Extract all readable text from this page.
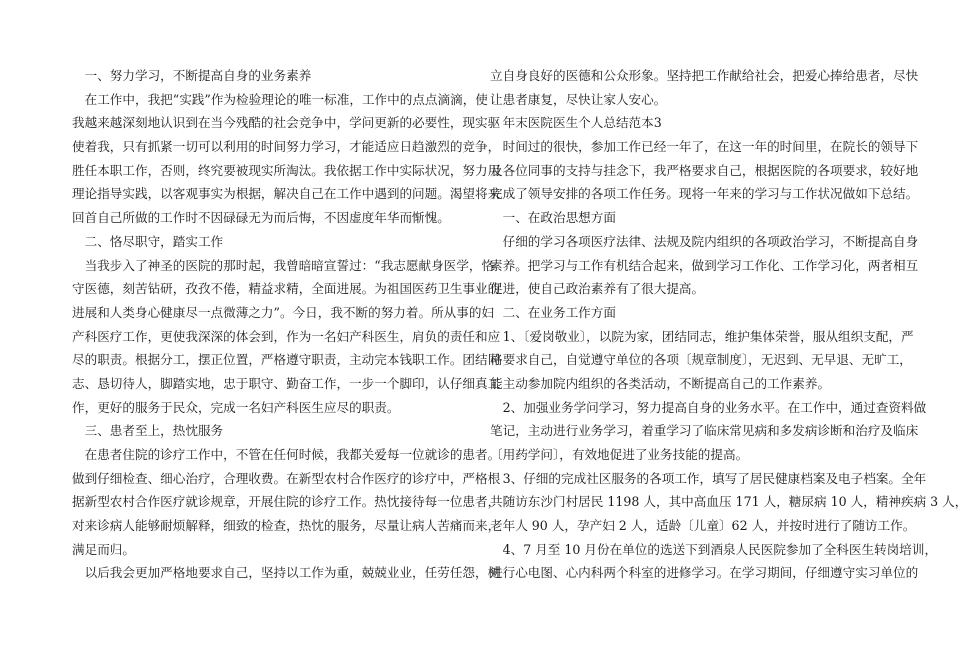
一、努力学习，不断提高自身的业务素养
在工作中，我把“实践”作为检验理论的唯一标准，工作中的点点滴滴，使
我越来越深刻地认识到在当今残酷的社会竞争中，学问更新的必要性，现实驱
使着我，只有抓紧一切可以利用的时间努力学习，才能适应日趋激烈的竞争，
胜任本职工作，否则，终究要被现实所淘汰。我依据工作中实际状况，努力用
理论指导实践，以客观事实为根据，解决自己在工作中遇到的问题。渴望将来
回首自己所做的工作时不因碌碌无为而后悔，不因虚度年华而惭愧。
二、恪尽职守，踏实工作
当我步入了神圣的医院的那时起，我曾暗暗宣誓过：“我志愿献身医学，恪
守医德，刻苦钻研，孜孜不倦，精益求精，全面进展。为祖国医药卫生事业的
进展和人类身心健康尽一点微薄之力”。今日，我不断的努力着。所从事的妇
产科医疗工作，更使我深深的体会到，作为一名妇产科医生，肩负的责任和应
尽的职责。根据分工，摆正位置，严格遵守职责，主动完本钱职工作。团结同
志、恳切待人，脚踏实地，忠于职守、勤奋工作，一步一个脚印，认仔细真工
作，更好的服务于民众，完成一名妇产科医生应尽的职责。
三、患者至上，热忱服务
在患者住院的诊疗工作中，不管在任何时候，我都关爱每一位就诊的患者。
做到仔细检查、细心治疗，合理收费。在新型农村合作医疗的诊疗中，严格根
据新型农村合作医疗就诊规章，开展住院的诊疗工作。热忱接待每一位患者，
对来诊病人能够耐烦解释，细致的检查，热忱的服务，尽量让病人苦痛而来，
满足而归。
以后我会更加严格地要求自己，坚持以工作为重，兢兢业业，任劳任怨，树
立自身良好的医德和公众形象。坚持把工作献给社会，把爱心捧给患者，尽快
让患者康复，尽快让家人安心。
年末医院医生个人总结范本3
时间过的很快，参加工作已经一年了，在这一年的时间里，在院长的领导下
及各位同事的支持与挂念下，我严格要求自己，根据医院的各项要求，较好地
完成了领导安排的各项工作任务。现将一年来的学习与工作状况做如下总结。
一、在政治思想方面
仔细的学习各项医疗法律、法规及院内组织的各项政治学习，不断提高自身
素养。把学习与工作有机结合起来，做到学习工作化、工作学习化，两者相互
促进，使自己政治素养有了很大提高。
二、在业务工作方面
1、〔爱岗敬业〕，以院为家，团结同志，维护集体荣誉，服从组织支配，严
格要求自己，自觉遵守单位的各项〔规章制度〕，无迟到、无早退、无旷工，
能主动参加院内组织的各类活动，不断提高自己的工作素养。
2、加强业务学问学习，努力提高自身的业务水平。在工作中，通过查资料做
笔记，主动进行业务学习，着重学习了临床常见病和多发病诊断和治疗及临床
〔用药学问〕，有效地促进了业务技能的提高。
3、仔细的完成社区服务的各项工作，填写了居民健康档案及电子档案。全年
共随访东沙门村居民 1198 人，其中高血压 171 人，糖尿病 10 人，精神疾病 3 人，
老年人 90 人，孕产妇 2 人，适龄〔儿童〕62 人，并按时进行了随访工作。
4、7 月至 10 月份在单位的选送下到酒泉人民医院参加了全科医生转岗培训，
进行心电图、心内科两个科室的进修学习。在学习期间，仔细遵守实习单位的
